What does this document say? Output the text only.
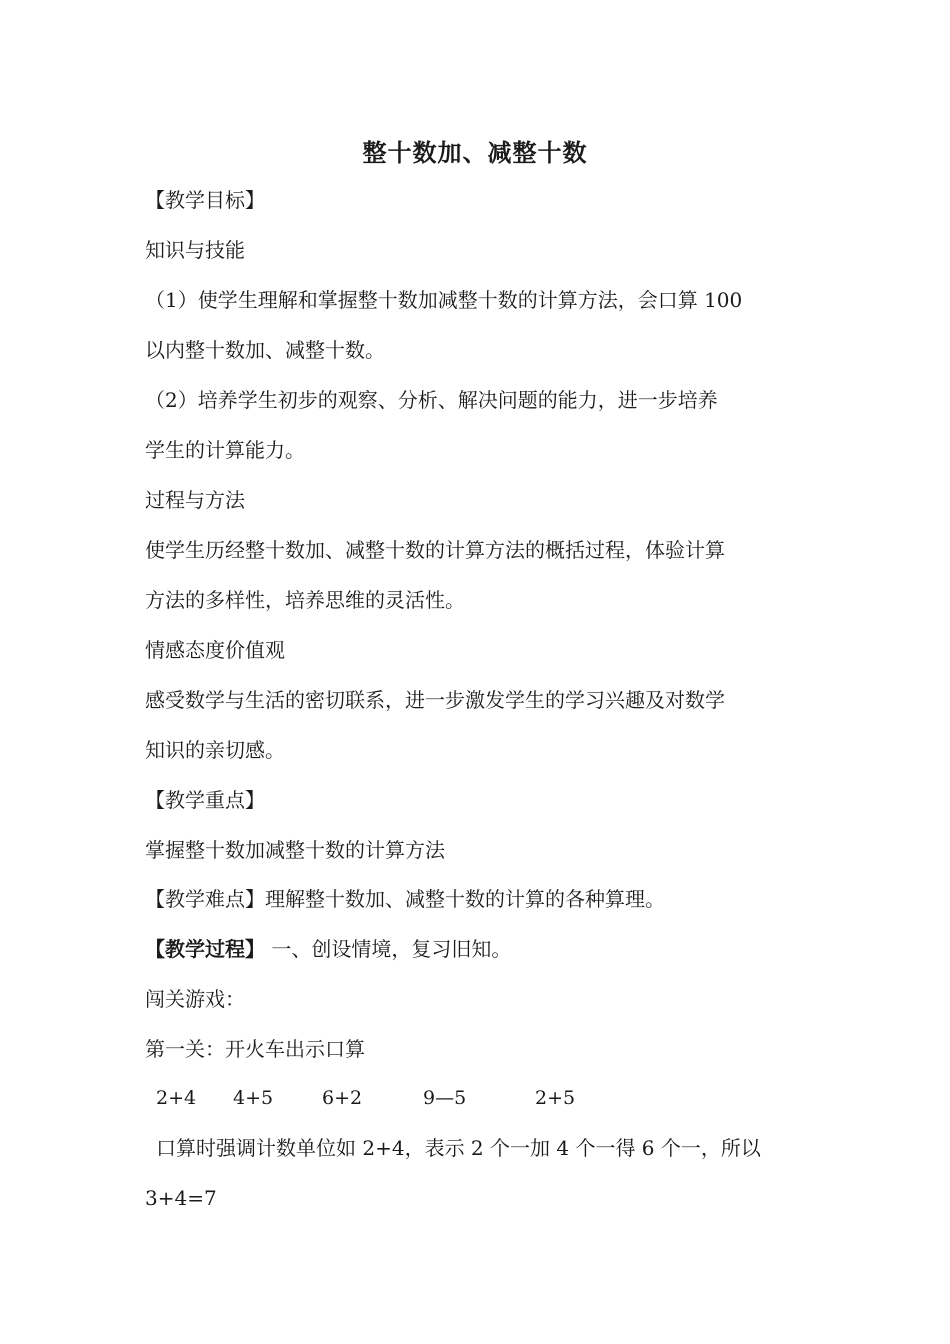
整十数加、减整十数
【教学目标】
知识与技能
（1）使学生理解和掌握整十数加减整十数的计算方法，会口算 100
以内整十数加、减整十数。
（2）培养学生初步的观察、分析、解决问题的能力，进一步培养
学生的计算能力。
过程与方法
使学生历经整十数加、减整十数的计算方法的概括过程，体验计算
方法的多样性，培养思维的灵活性。
情感态度价值观
感受数学与生活的密切联系，进一步激发学生的学习兴趣及对数学
知识的亲切感。
【教学重点】
掌握整十数加减整十数的计算方法
【教学难点】理解整十数加、减整十数的计算的各种算理。
【教学过程】 一、创设情境，复习旧知。
闯关游戏：
第一关：开火车出示口算
2+4 4+5	6+2	9—5	2+5
口算时强调计数单位如 2+4，表示 2 个一加 4 个一得 6 个一，所以
3+4=7
